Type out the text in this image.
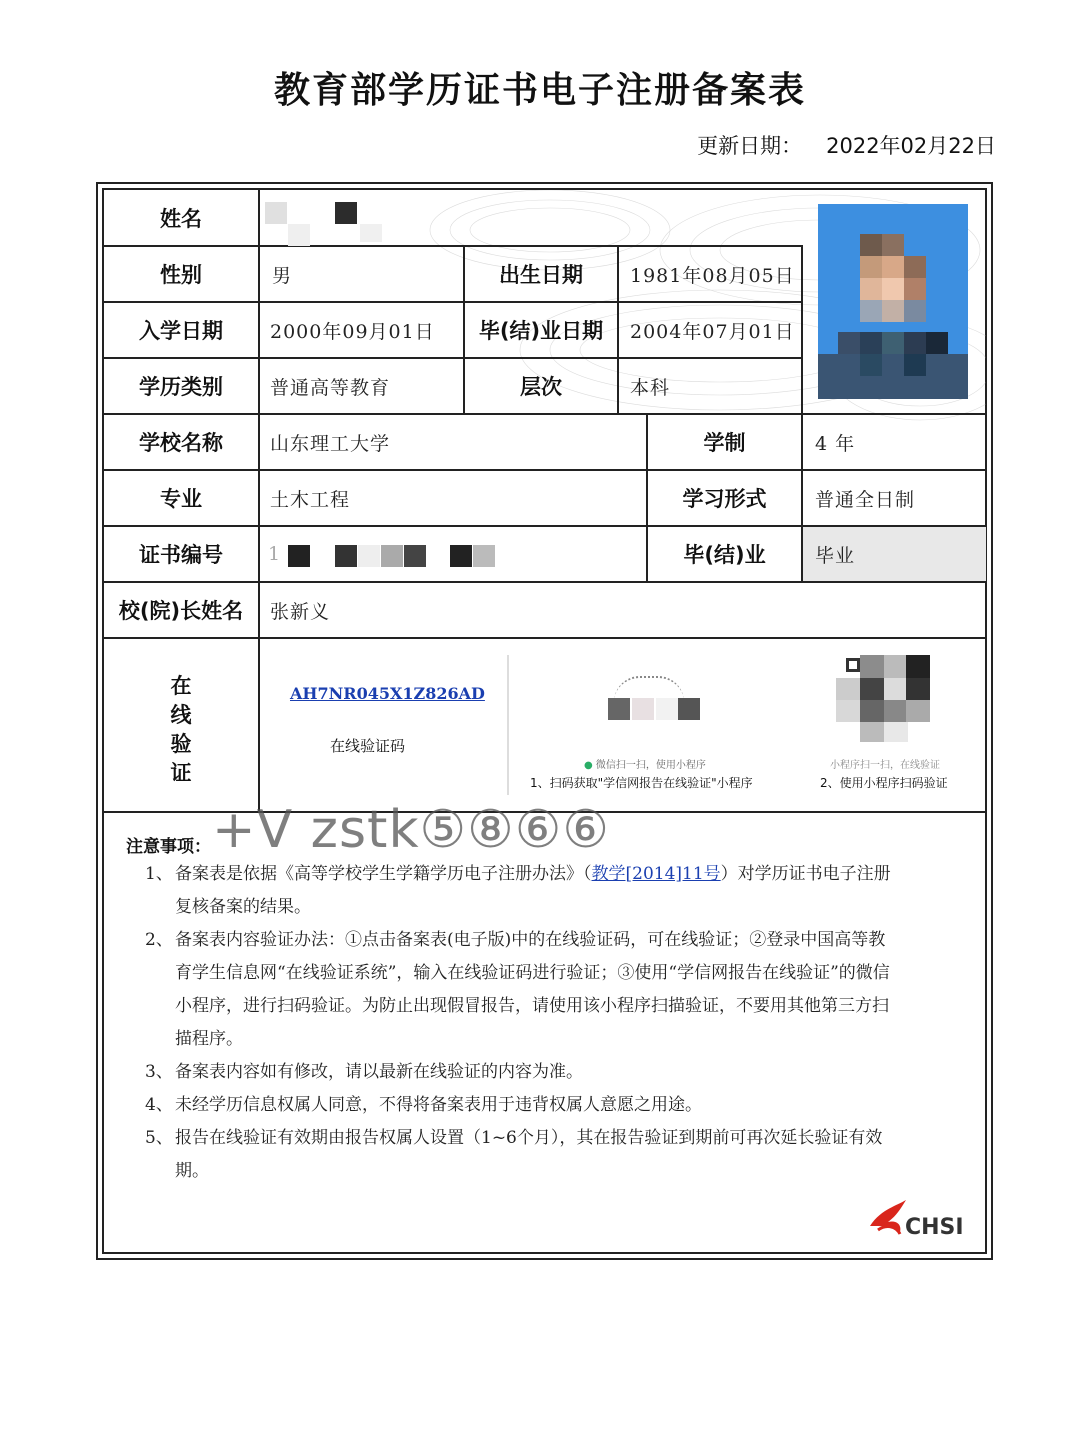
教育部学历证书电子注册备案表
更新日期： 2022年02月22日
姓名
性别	男	出生日期	1981年08月05日
入学日期	2000年09月01日	毕(结)业日期	2004年07月01日
学历类别	普通高等教育	层次	本科
学校名称	山东理工大学	学制	4 年
专业	土木工程	学习形式	普通全日制
证书编号	1	毕(结)业	毕业
校(院)长姓名	张新义
在
线
验
证
AH7NR045X1Z826AD
在线验证码
● 微信扫一扫，使用小程序
1、扫码获取"学信网报告在线验证"小程序
小程序扫一扫，在线验证
2、使用小程序扫码验证
注意事项： +V zstk⑤⑧⑥⑥
1、 备案表是依据《高等学校学生学籍学历电子注册办法》（教学[2014]11号）对学历证书电子注册复核备案的结果。
2、 备案表内容验证办法：①点击备案表(电子版)中的在线验证码，可在线验证；②登录中国高等教育学生信息网“在线验证系统”，输入在线验证码进行验证；③使用“学信网报告在线验证”的微信小程序，进行扫码验证。为防止出现假冒报告，请使用该小程序扫描验证，不要用其他第三方扫描程序。
3、 备案表内容如有修改，请以最新在线验证的内容为准。
4、 未经学历信息权属人同意，不得将备案表用于违背权属人意愿之用途。
5、 报告在线验证有效期由报告权属人设置（1~6个月），其在报告验证到期前可再次延长验证有效期。
CHSI
